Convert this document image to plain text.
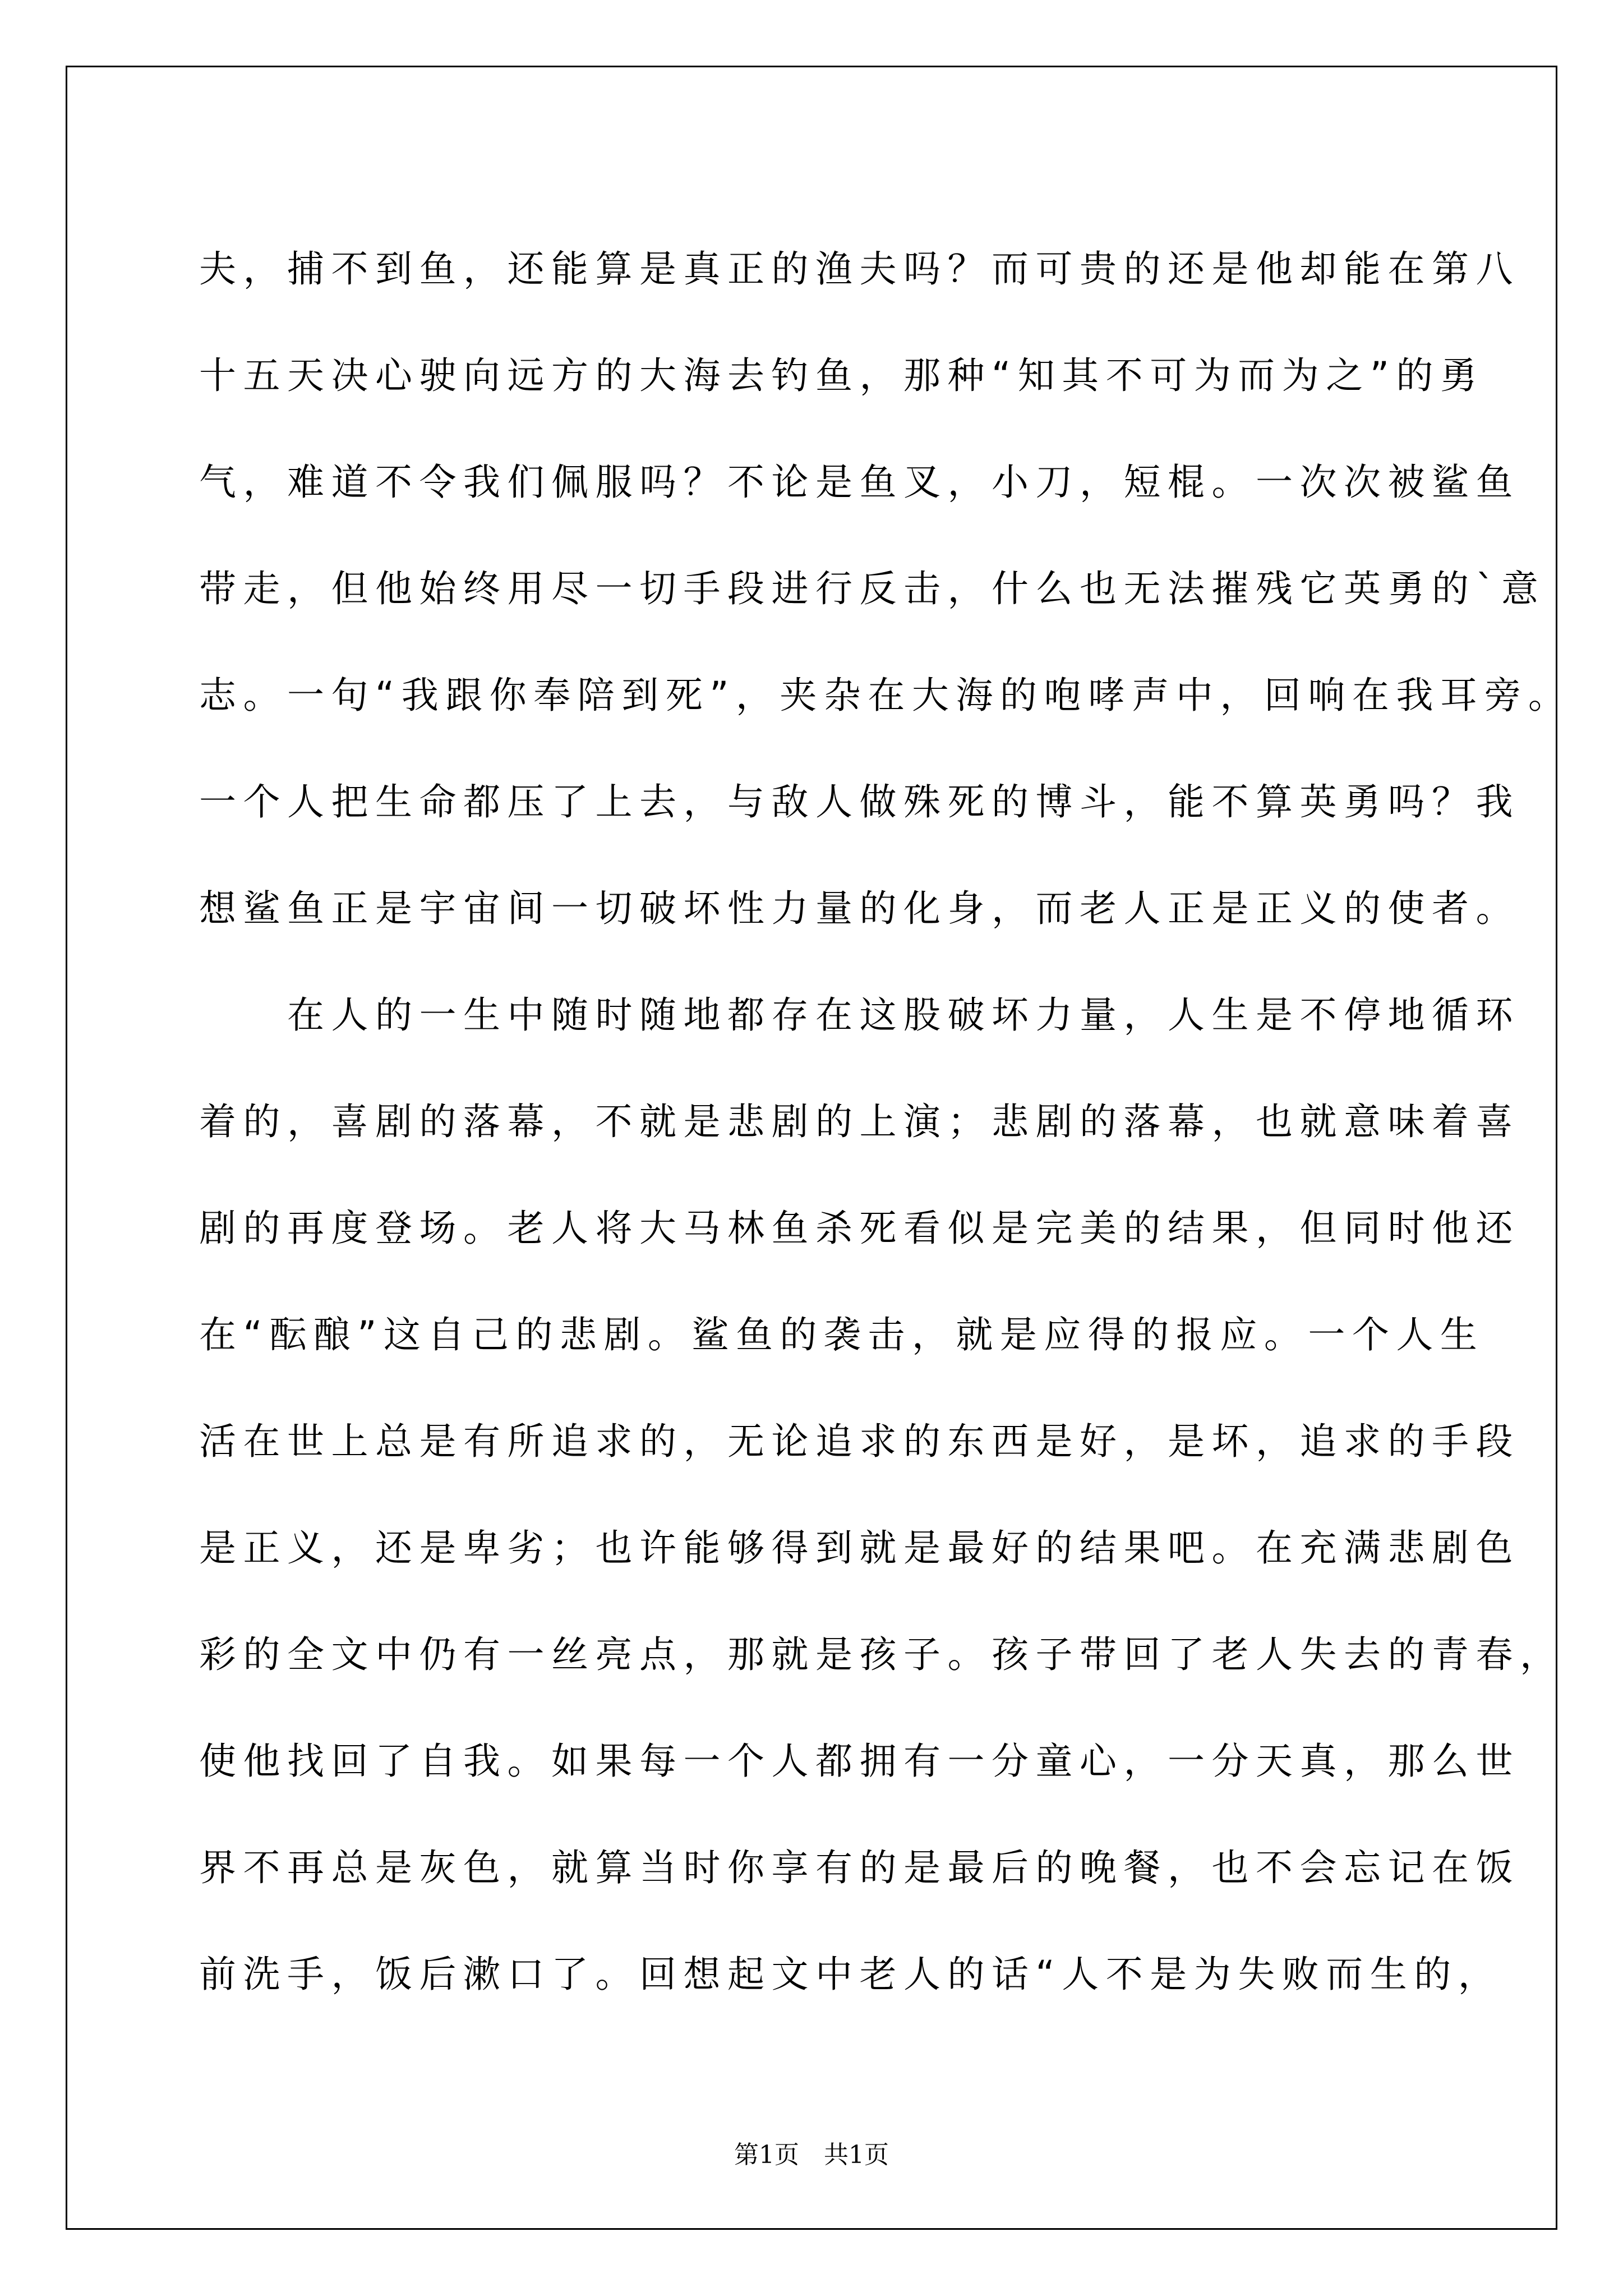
夫，捕不到鱼，还能算是真正的渔夫吗？而可贵的还是他却能在第八
十五天决心驶向远方的大海去钓鱼，那种“知其不可为而为之”的勇
气，难道不令我们佩服吗？不论是鱼叉，小刀，短棍。一次次被鲨鱼
带走，但他始终用尽一切手段进行反击，什么也无法摧残它英勇的`意
志。一句“我跟你奉陪到死”，夹杂在大海的咆哮声中，回响在我耳旁。
一个人把生命都压了上去，与敌人做殊死的博斗，能不算英勇吗？我
想鲨鱼正是宇宙间一切破坏性力量的化身，而老人正是正义的使者。
　　在人的一生中随时随地都存在这股破坏力量，人生是不停地循环
着的，喜剧的落幕，不就是悲剧的上演；悲剧的落幕，也就意味着喜
剧的再度登场。老人将大马林鱼杀死看似是完美的结果，但同时他还
在“酝酿”这自己的悲剧。鲨鱼的袭击，就是应得的报应。一个人生
活在世上总是有所追求的，无论追求的东西是好，是坏，追求的手段
是正义，还是卑劣；也许能够得到就是最好的结果吧。在充满悲剧色
彩的全文中仍有一丝亮点，那就是孩子。孩子带回了老人失去的青春，
使他找回了自我。如果每一个人都拥有一分童心，一分天真，那么世
界不再总是灰色，就算当时你享有的是最后的晚餐，也不会忘记在饭
前洗手，饭后漱口了。回想起文中老人的话“人不是为失败而生的，
第1页　共1页
